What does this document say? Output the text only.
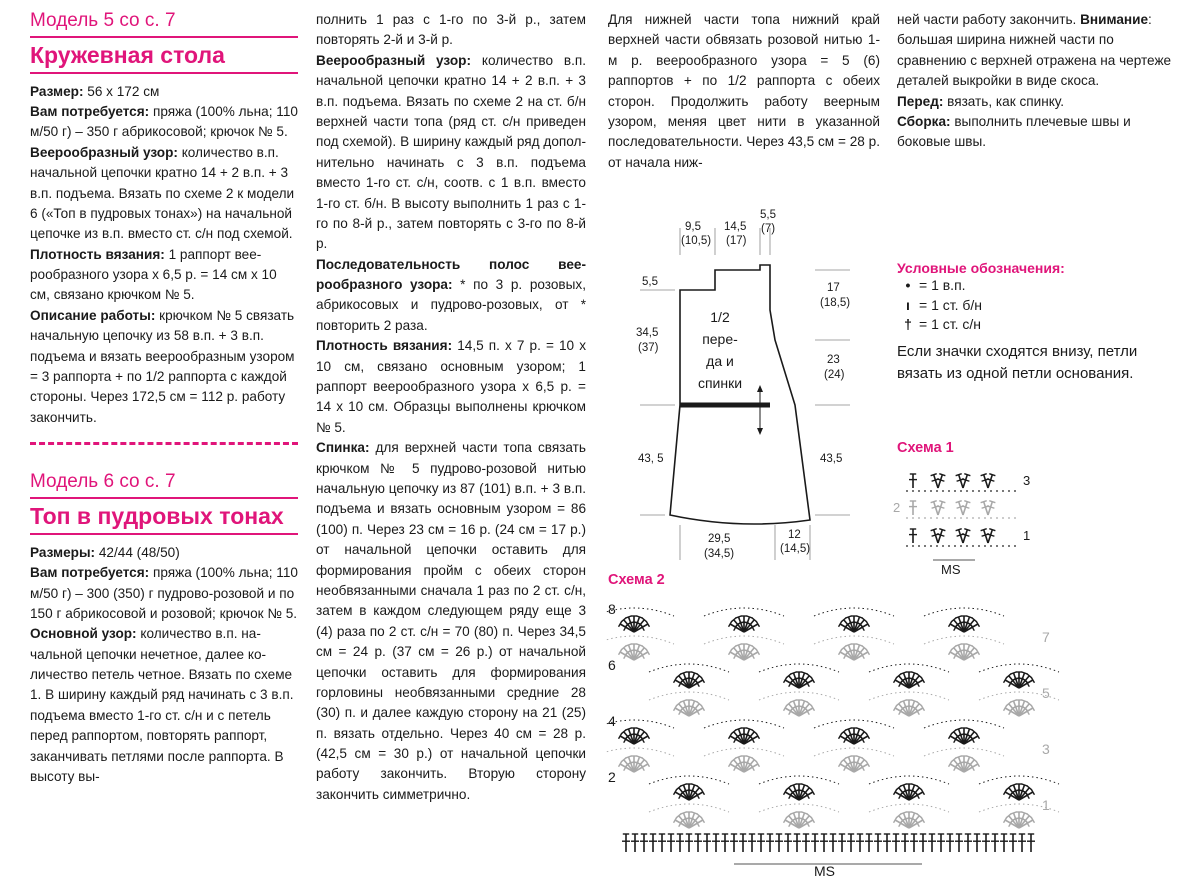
Модель 5 со с. 7
Кружевная стола

Размер: 56 х 172 см

Вам потребуется: пряжа (100% льна; 110 м/50 г) – 350 г абрикосовой; крючок № 5.

Веерообразный узор: количество в.п. начальной цепочки кратно 14 + 2 в.п. + 3 в.п. подъема. Вязать по схеме 2 к модели 6 («Топ в пудровых тонах») на начальной цепочке из в.п. вместо ст. с/н под схемой.

Плотность вязания: 1 раппорт веерообразного узора х 6,5 р. = 14 см х 10 см, связано крючком № 5.

Описание работы: крючком № 5 связать начальную цепочку из 58 в.п. + 3 в.п. подъема и вязать веерообразным узором = 3 раппорта + по 1/2 раппорта с каждой стороны. Через 172,5 см = 112 р. работу закончить.

Модель 6 со с. 7
Топ в пудровых тонах

Размеры: 42/44 (48/50)

Вам потребуется: пряжа (100% льна; 110 м/50 г) – 300 (350) г пудрово-розовой и по 150 г абрикосовой и розовой; крючок № 5.

Основной узор: количество в.п. начальной цепочки нечетное, далее количество петель четное. Вязать по схеме 1. В ширину каждый ряд начинать с 3 в.п. подъема вместо 1-го ст. с/н и с петель перед раппортом, повторять раппорт, заканчивать петлями после раппорта. В высоту вы-

полнить 1 раз с 1-го по 3-й р., затем повторять 2-й и 3-й р.

Веерообразный узор: количество в.п. начальной цепочки кратно 14 + 2 в.п. + 3 в.п. подъема. Вязать по схеме 2 на ст. б/н верхней части топа (ряд ст. с/н приведен под схемой). В ширину каждый ряд дополнительно начинать с 3 в.п. подъема вместо 1-го ст. с/н, соотв. с 1 в.п. вместо 1-го ст. б/н. В высоту выполнить 1 раз с 1-го по 8-й р., затем повторять с 3-го по 8-й р.

Последовательность полос веерообразного узора: * по 3 р. розовых, абрикосовых и пудрово-розовых, от * повторить 2 раза.

Плотность вязания: 14,5 п. х 7 р. = 10 х 10 см, связано основным узором; 1 раппорт веерообразного узора х 6,5 р. = 14 х 10 см. Образцы выполнены крючком № 5.

Спинка: для верхней части топа связать крючком № 5 пудрово-розовой нитью начальную цепочку из 87 (101) в.п. + 3 в.п. подъема и вязать основным узором = 86 (100) п. Через 23 см = 16 р. (24 см = 17 р.) от начальной цепочки оставить для формирования пройм с обеих сторон необвязанными сначала 1 раз по 2 ст. с/н, затем в каждом следующем ряду еще 3 (4) раза по 2 ст. с/н = 70 (80) п. Через 34,5 см = 24 р. (37 см = 26 р.) от начальной цепочки оставить для формирования горловины необвязанными средние 28 (30) п. и далее каждую сторону на 21 (25) п. вязать отдельно. Через 40 см = 28 р. (42,5 см = 30 р.) от начальной цепочки работу закончить. Вторую сторону закончить симметрично.

Для нижней части топа нижний край верхней части обвязать розовой нитью 1-м р. веерообразного узора = 5 (6) раппортов + по 1/2 раппорта с обеих сторон. Продолжить работу веерным узором, меняя цвет нити в указанной последовательности. Через 43,5 см = 28 р. от начала ниж-

ней части работу закончить. Внимание: большая ширина нижней части по сравнению с верхней отражена на чертеже деталей выкройки в виде скоса.

Перед: вязать, как спинку.

Сборка: выполнить плечевые швы и боковые швы.

Условные обозначения:
• = 1 в.п.
ı = 1 ст. б/н
† = 1 ст. с/н
Если значки сходятся внизу, петли вязать из одной петли основания.
9,5
(10,5)
14,5
(17)
5,5
(7)
5,5
34,5
(37)
43, 5
17
(18,5)
23
(24)
43,5
29,5
(34,5)
12
(14,5)
1/2
пере-
да и
спинки
Схема 1
3
2
1
MS
Схема 2
8
6
4
2
7
5
3
1
MS
